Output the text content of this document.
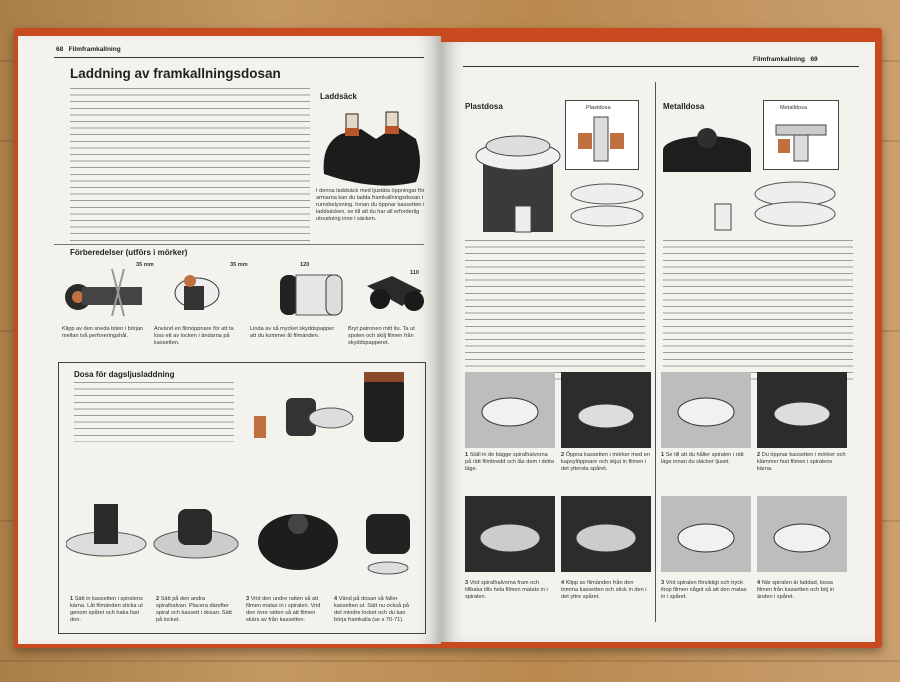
68 Filmframkallning
Laddning av framkallningsdosan
Laddsäck
I denna laddsäck med ljustäta öppningar för armarna kan du ladda framkallningsdosan i rumsbelysning. Innan du öppnar kassetten i laddsäcken, se till att du har all erforderlig utrustning inne i säcken.
Förberedelser (utförs i mörker)
35 mm	35 mm	120
110
Klipp av den sneda biten i början mellan två perforeringshål.
Använd en filmöppnare för att ta loss ett av locken i ändarna på kassetten.
Linda av så mycket skyddspapper att du kommer åt filmänden.
Bryt patronen mitt itu. Ta ut spolen och skilj filmen från skyddspapperet.
Dosa för dagsljusladdning
1 Sätt in kassetten i spiralens kärna. Låt filmänden sticka ut genom spåret och haka fast den.
2 Sätt på den andra spiralhalvan. Placera därefter spiral och kassett i dosan. Sätt på locket.
3 Vrid den undre ratten så att filmen matas in i spiralen. Vrid den övre ratten så att filmen skärs av från kassetten.
4 Vänd på dosan så faller kassetten ut. Sätt nu också på det mindre locket och du kan börja framkalla (se s 70-71).
Filmframkallning 69
Plastdosa	Plastdosa	Metalldosa	Metalldosa
1 Ställ in de bägge spiralhalvorna på rätt filmbredd och lås dem i detta läge.
2 Öppna kassetten i mörker med en kapsylöppnare och skjut in filmen i det yttersta spåret.
1 Se till att du håller spiralen i rätt läge innan du släcker ljuset.
2 Du öppnar kassetten i mörker och klämmer fast filmen i spiralens kärna.
3 Vrid spiralhalvorna fram och tillbaka tills hela filmen matats in i spiralen.
4 Klipp av filmänden från den tomma kassetten och stick in den i det yttre spåret.
3 Vrid spiralen försiktigt och tryck ihop filmen något så att den matas in i spåret.
4 När spiralen är laddad, lossa filmen från kassetten och böj in änden i spåret.
